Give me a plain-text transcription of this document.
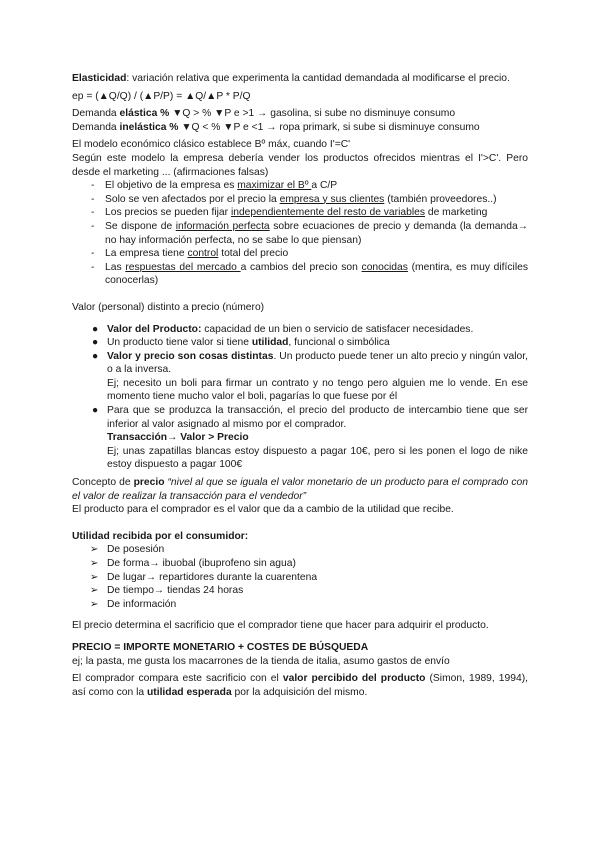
Elasticidad: variación relativa que experimenta la cantidad demandada al modificarse el precio.

ep = (▲Q/Q) / (▲P/P) = ▲Q/▲P * P/Q

Demanda elástica % ▼Q > % ▼P e >1 → gasolina, si sube no disminuye consumo

Demanda inelástica % ▼Q < % ▼P e <1 → ropa primark, si sube si disminuye consumo

El modelo económico clásico establece Bº máx, cuando I'=C'

Según este modelo la empresa debería vender los productos ofrecidos mientras el I'>C'. Pero desde el marketing ... (afirmaciones falsas)

- El objetivo de la empresa es maximizar el Bº a C/P
- Solo se ven afectados por el precio la empresa y sus clientes (también proveedores..)
- Los precios se pueden fijar independientemente del resto de variables de marketing
- Se dispone de información perfecta sobre ecuaciones de precio y demanda (la demanda→ no hay información perfecta, no se sabe lo que piensan)
- La empresa tiene control total del precio
- Las respuestas del mercado a cambios del precio son conocidas (mentira, es muy difíciles conocerlas)

Valor (personal) distinto a precio (número)

● Valor del Producto: capacidad de un bien o servicio de satisfacer necesidades.
● Un producto tiene valor si tiene utilidad, funcional o simbólica
● Valor y precio son cosas distintas. Un producto puede tener un alto precio y ningún valor, o a la inversa.
Ej; necesito un boli para firmar un contrato y no tengo pero alguien me lo vende. En ese momento tiene mucho valor el boli, pagarías lo que fuese por él
● Para que se produzca la transacción, el precio del producto de intercambio tiene que ser inferior al valor asignado al mismo por el comprador.
Transacción→ Valor > Precio
Ej; unas zapatillas blancas estoy dispuesto a pagar 10€, pero si les ponen el logo de nike estoy dispuesto a pagar 100€

Concepto de precio “nivel al que se iguala el valor monetario de un producto para el comprado con el valor de realizar la transacción para el vendedor”

El producto para el comprador es el valor que da a cambio de la utilidad que recibe.

Utilidad recibida por el consumidor:

➢ De posesión
➢ De forma→ ibuobal (ibuprofeno sin agua)
➢ De lugar→ repartidores durante la cuarentena
➢ De tiempo→ tiendas 24 horas
➢ De información

El precio determina el sacrificio que el comprador tiene que hacer para adquirir el producto.

PRECIO = IMPORTE MONETARIO + COSTES DE BÚSQUEDA

ej; la pasta, me gusta los macarrones de la tienda de italia, asumo gastos de envío

El comprador compara este sacrificio con el valor percibido del producto (Simon, 1989, 1994), así como con la utilidad esperada por la adquisición del mismo.
